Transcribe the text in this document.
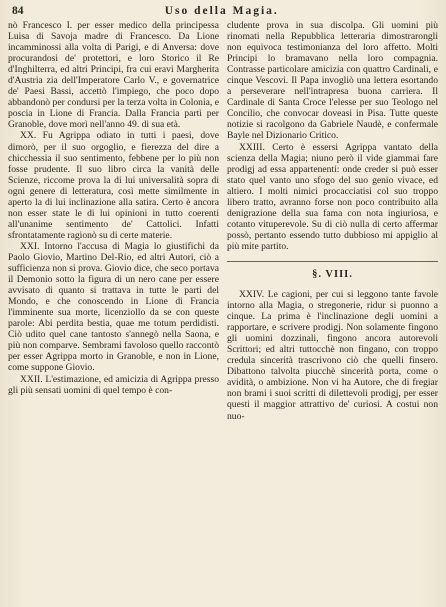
84	Uso della Magia.

nò Francesco I. per esser medico della principessa Luisa di Savoja madre di Francesco. Da Lione incamminossi alla volta di Parigi, e di Anversa: dove procurandosi de' protettori, e loro Storico il Re d'Inghilterra, ed altri Principi, fra cui eravi Margherita d'Austria zia dell'Imperatore Carlo V., e governatrice de' Paesi Bassi, accettò l'impiego, che poco dopo abbandonò per condursi per la terza volta in Colonia, e poscia in Lione di Francia. Dalla Francia partì per Granoble, dove morì nell'anno 49. di sua età.

XX. Fu Agrippa odiato in tutti i paesi, dove dimorò, per il suo orgoglio, e fierezza del dire a chicchessia il suo sentimento, febbene per lo più non fosse prudente. Il suo libro circa la vanità delle Scienze, riccome prova la di lui universalità sopra di ogni genere di letteratura, così mette similmente in aperto la di lui inclinazione alla satira. Certo è ancora non esser state le di lui opinioni in tutto coerenti all'unanime sentimento de' Cattolici. Infatti sfrontatamente ragionò su di certe materie.

XXI. Intorno l'accusa di Magia lo giustifichi da Paolo Giovio, Martino Del-Rio, ed altri Autori, ciò a sufficienza non si prova. Giovio dice, che seco portava il Demonio sotto la figura di un nero cane per essere avvisato di quanto si trattava in tutte le parti del Mondo, e che conoscendo in Lione di Francia l'imminente sua morte, licenziollo da se con queste parole: Abi perdita bestia, quae me totum perdidisti. Ciò udito quel cane tantosto s'annegò nella Saona, e più non comparve. Sembrami favoloso quello raccontò per esser Agrippa morto in Granoble, e non in Lione, come suppone Giovio.

XXII. L'estimazione, ed amicizia di Agrippa presso gli più sensati uomini di quel tempo è con-

cludente prova in sua discolpa. Gli uomini più rinomati nella Repubblica letteraria dimostrarongli non equivoca testimonianza del loro affetto. Molti Principi lo bramavano nella loro compagnia. Contrasse particolare amicizia con quattro Cardinali, e cinque Vescovi. Il Papa invogliò una lettera esortando a perseverare nell'intrapresa buona carriera. Il Cardinale di Santa Croce l'elesse per suo Teologo nel Concilio, che convocar doveasi in Pisa. Tutte queste notizie si racolgono da Gabriele Naudè, e confermale Bayle nel Dizionario Critico.

XXIII. Certo è essersi Agrippa vantato della scienza della Magia; niuno però il vide giammai fare prodigj ad essa appartenenti: onde creder si può esser stato quel vanto uno sfogo del suo genio vivace, ed altiero. I molti nimici procacciatisi col suo troppo libero tratto, avranno forse non poco contribuito alla denigrazione della sua fama con nota ingiuriosa, e cotanto vituperevole. Su di ciò nulla di certo affermar possò, pertanto essendo tutto dubbioso mi appiglio al più mite partito.

§. VIII.

XXIV. Le cagioni, per cui si leggono tante favole intorno alla Magia, o stregonerie, ridur si puonno a cinque. La prima è l'inclinazione degli uomini a rapportare, e scrivere prodigj. Non solamente fingono gli uomini dozzinali, fingono ancora autorevoli Scrittori; ed altri tuttocchè non fingano, con troppo credula sincerità trascrivono ciò che quelli finsero. Dibattono talvolta piucchè sincerità porta, come o avidità, o ambizione. Non vi ha Autore, che di fregiar non brami i suoi scritti di dilettevoli prodigj, per esser questi il maggior attrattivo de' curiosi. A costui non nuo-
